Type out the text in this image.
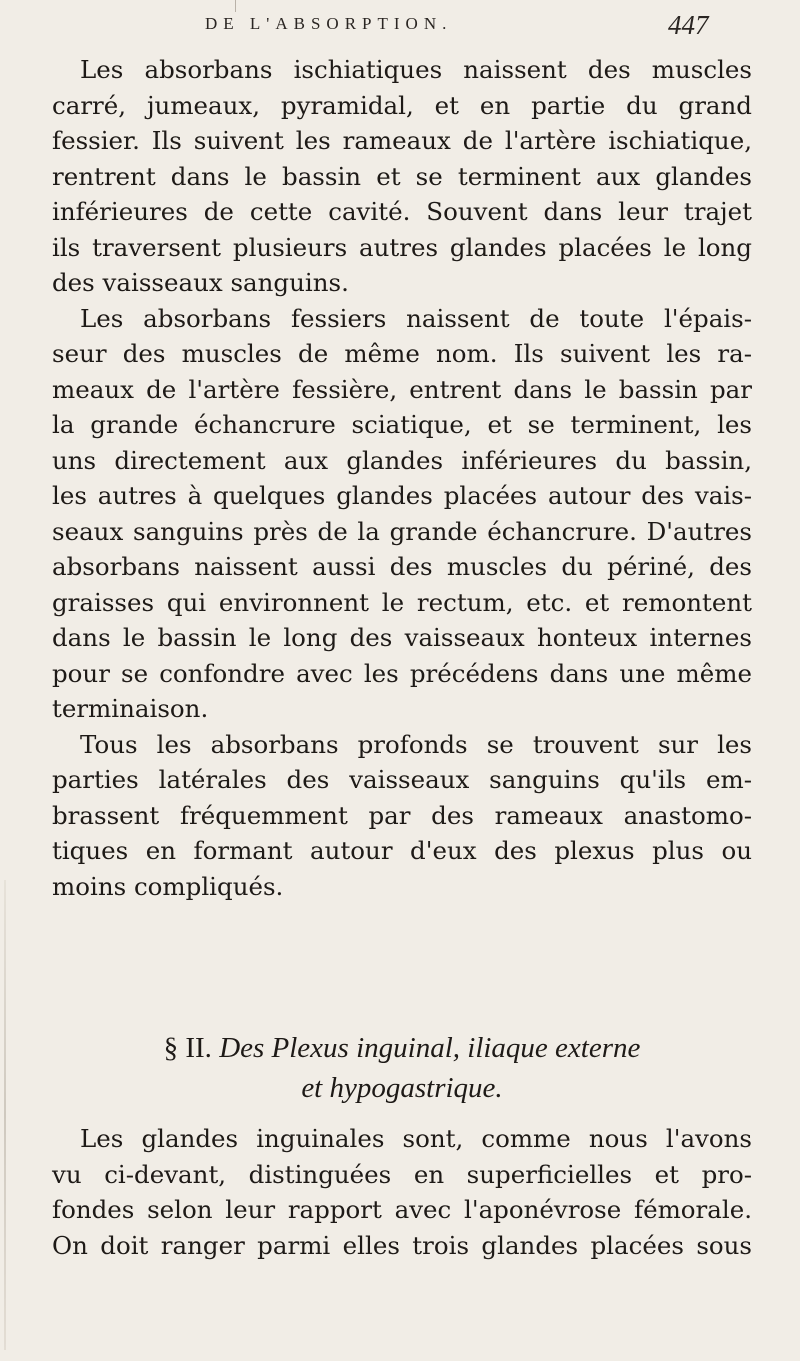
DE L'ABSORPTION.	447

Les absorbans ischiatiques naissent des muscles
carré, jumeaux, pyramidal, et en partie du grand
fessier. Ils suivent les rameaux de l'artère ischiatique,
rentrent dans le bassin et se terminent aux glandes
inférieures de cette cavité. Souvent dans leur trajet
ils traversent plusieurs autres glandes placées le long
des vaisseaux sanguins.

Les absorbans fessiers naissent de toute l'épais-
seur des muscles de même nom. Ils suivent les ra-
meaux de l'artère fessière, entrent dans le bassin par
la grande échancrure sciatique, et se terminent, les
uns directement aux glandes inférieures du bassin,
les autres à quelques glandes placées autour des vais-
seaux sanguins près de la grande échancrure. D'autres
absorbans naissent aussi des muscles du périné, des
graisses qui environnent le rectum, etc. et remontent
dans le bassin le long des vaisseaux honteux internes
pour se confondre avec les précédens dans une même
terminaison.

Tous les absorbans profonds se trouvent sur les
parties latérales des vaisseaux sanguins qu'ils em-
brassent fréquemment par des rameaux anastomo-
tiques en formant autour d'eux des plexus plus ou
moins compliqués.

§ II. Des Plexus inguinal, iliaque externe
et hypogastrique.

Les glandes inguinales sont, comme nous l'avons
vu ci-devant, distinguées en superficielles et pro-
fondes selon leur rapport avec l'aponévrose fémorale.
On doit ranger parmi elles trois glandes placées sous
